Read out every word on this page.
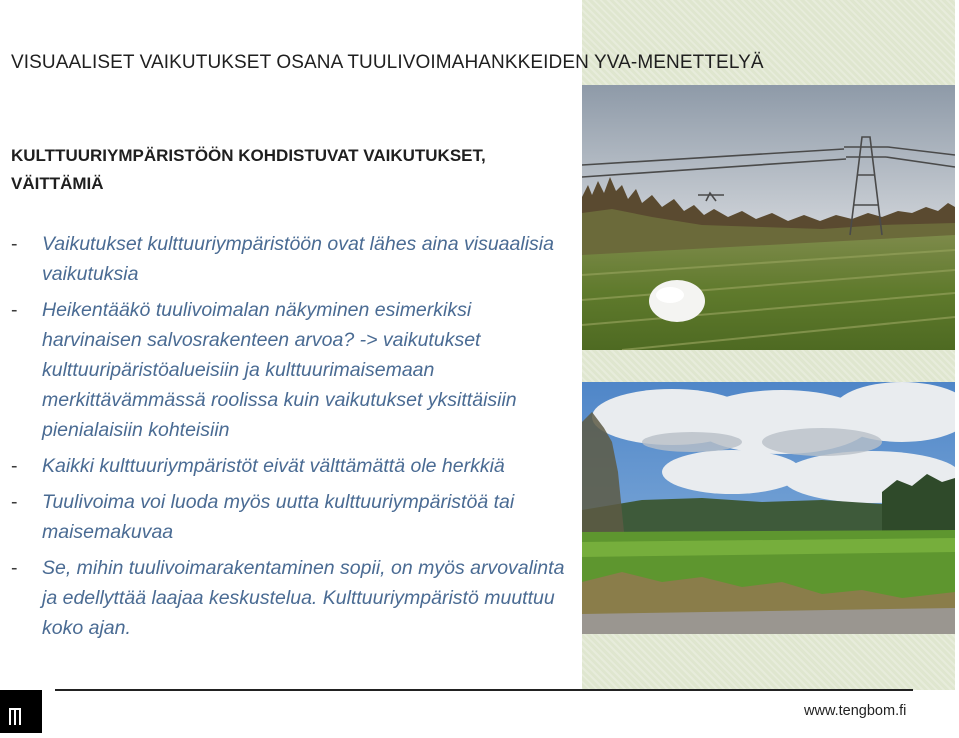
VISUAALISET VAIKUTUKSET OSANA TUULIVOIMAHANKKEIDEN YVA-MENETTELYÄ
KULTTUURIYMPÄRISTÖÖN KOHDISTUVAT VAIKUTUKSET,
VÄITTÄMIÄ
- Vaikutukset kulttuuriympäristöön ovat lähes aina visuaalisia vaikutuksia
- Heikentääkö tuulivoimalan näkyminen esimerkiksi harvinaisen salvosrakenteen arvoa? -> vaikutukset kulttuuripäristöalueisiin ja kulttuurimaisemaan merkittävämmässä roolissa kuin vaikutukset yksittäisiin pienialaisiin kohteisiin
- Kaikki kulttuuriympäristöt eivät välttämättä ole herkkiä
- Tuulivoima voi luoda myös uutta kulttuuriympäristöä tai maisemakuvaa
- Se, mihin tuulivoimarakentaminen sopii, on myös arvovalinta ja edellyttää laajaa keskustelua. Kulttuuriympäristö muuttuu koko ajan.
www.tengbom.fi
